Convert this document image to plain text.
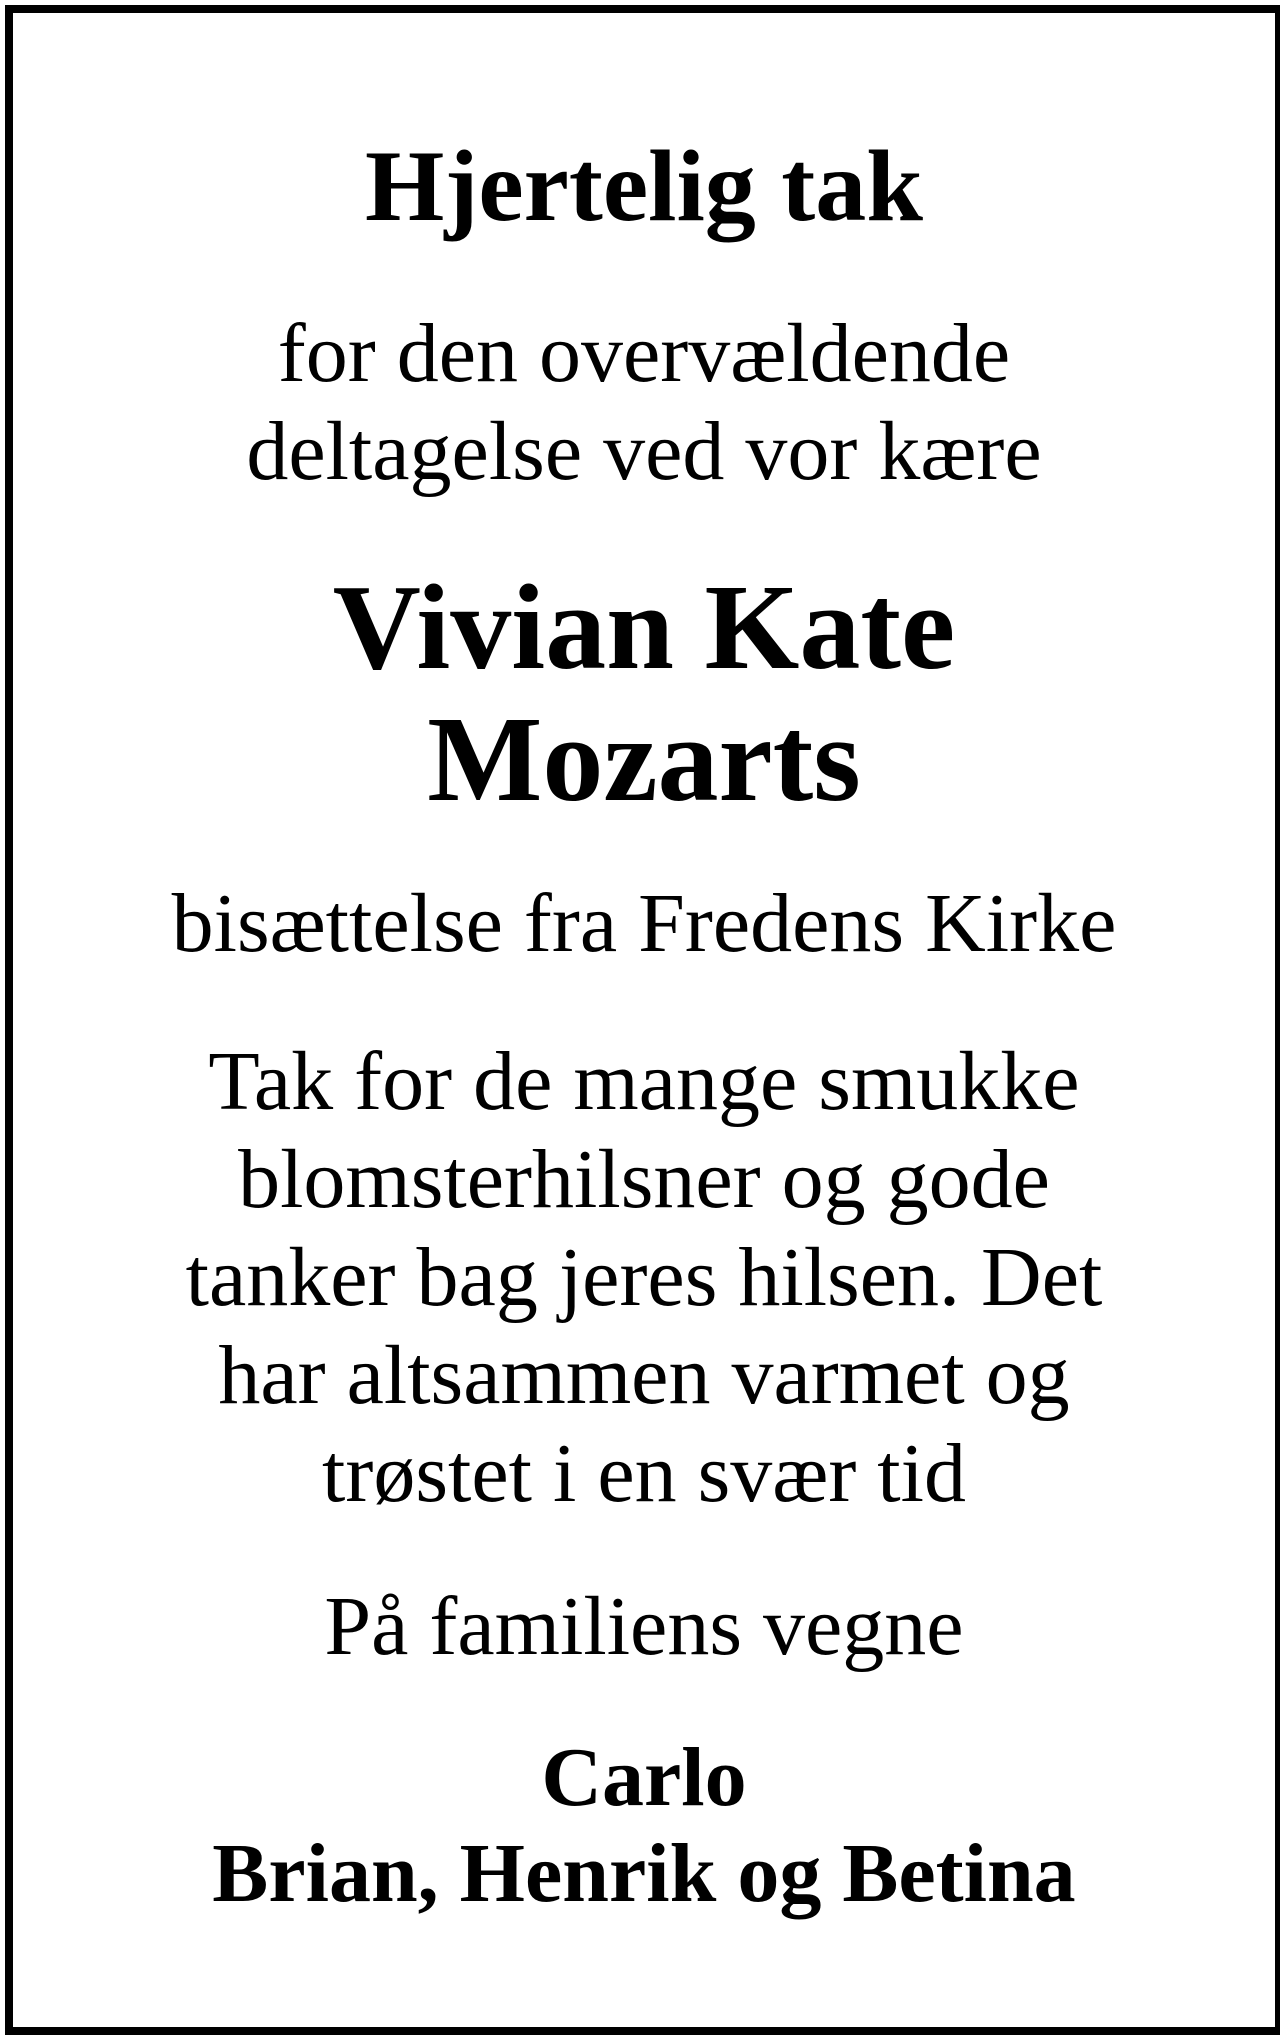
Hjertelig tak
for den overvældende
deltagelse ved vor kære
Vivian Kate
Mozarts
bisættelse fra Fredens Kirke
Tak for de mange smukke
blomsterhilsner og gode
tanker bag jeres hilsen. Det
har altsammen varmet og
trøstet i en svær tid
På familiens vegne
Carlo
Brian, Henrik og Betina
